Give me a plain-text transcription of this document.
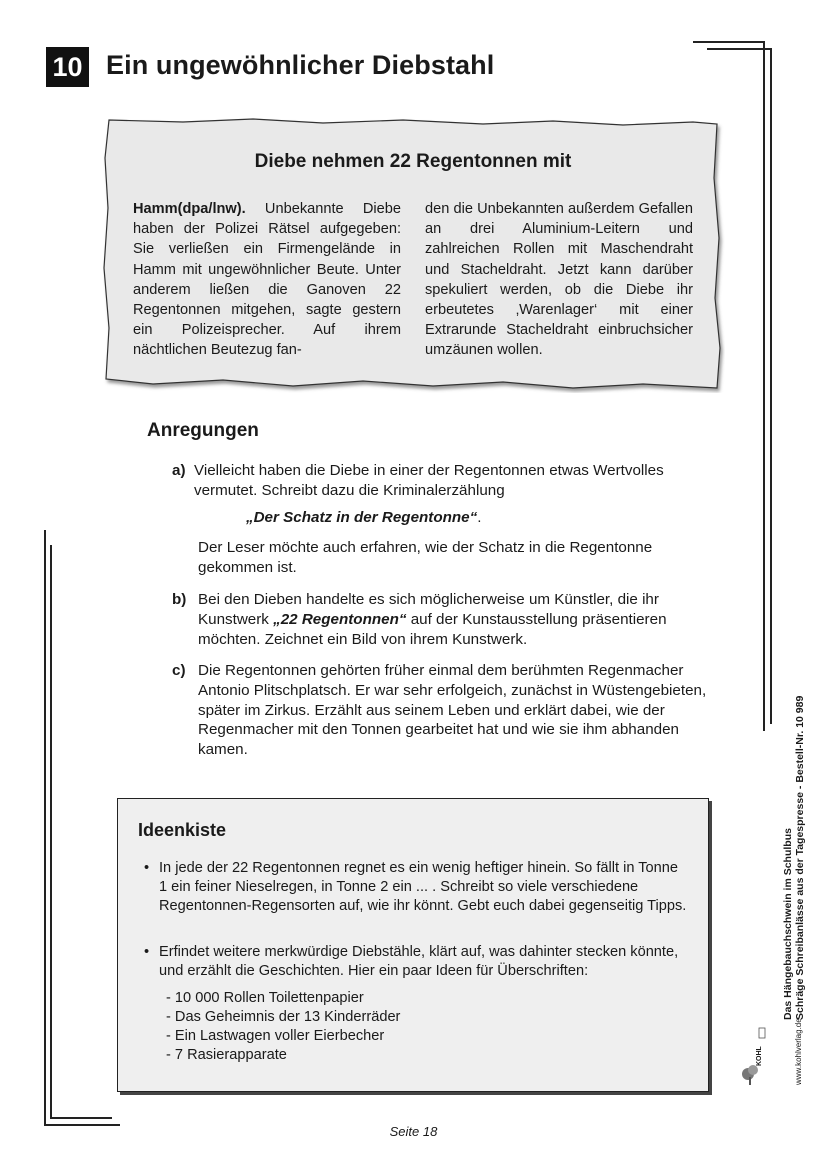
10 Ein ungewöhnlicher Diebstahl
Diebe nehmen 22 Regentonnen mit

Hamm(dpa/lnw). Unbekannte Diebe haben der Polizei Rätsel aufgegeben: Sie verließen ein Firmengelände in Hamm mit ungewöhnlicher Beute. Unter anderem ließen die Ganoven 22 Regentonnen mitgehen, sagte gestern ein Polizeisprecher. Auf ihrem nächtlichen Beutezug fan-

den die Unbekannten außerdem Gefallen an drei Aluminium-Leitern und zahlreichen Rollen mit Maschendraht und Stacheldraht. Jetzt kann darüber spekuliert werden, ob die Diebe ihr erbeutetes ‚Warenlager‘ mit einer Extrarunde Stacheldraht einbruchsicher umzäunen wollen.

Anregungen
a) Vielleicht haben die Diebe in einer der Regentonnen etwas Wertvolles vermutet. Schreibt dazu die Kriminalerzählung
„Der Schatz in der Regentonne“.
Der Leser möchte auch erfahren, wie der Schatz in die Regentonne gekommen ist.
b) Bei den Dieben handelte es sich möglicherweise um Künstler, die ihr Kunstwerk „22 Regentonnen“ auf der Kunstausstellung präsentieren möchten. Zeichnet ein Bild von ihrem Kunstwerk.
c) Die Regentonnen gehörten früher einmal dem berühmten Regenmacher Antonio Plitschplatsch. Er war sehr erfolgeich, zunächst in Wüstengebieten, später im Zirkus. Erzählt aus seinem Leben und erklärt dabei, wie der Regenmacher mit den Tonnen gearbeitet hat und wie sie ihm abhanden kamen.
Ideenkiste
• In jede der 22 Regentonnen regnet es ein wenig heftiger hinein. So fällt in Tonne 1 ein feiner Nieselregen, in Tonne 2 ein ... . Schreibt so viele verschiedene Regentonnen-Regensorten auf, wie ihr könnt. Gebt euch dabei gegenseitig Tipps.
• Erfindet weitere merkwürdige Diebstähle, klärt auf, was dahinter stecken könnte, und erzählt die Geschichten. Hier ein paar Ideen für Überschriften:
- 10 000 Rollen Toilettenpapier
- Das Geheimnis der 13 Kinderräder
- Ein Lastwagen voller Eierbecher
- 7 Rasierapparate
Das Hängebauchschwein im Schulbus Schräge Schreibanlässe aus der Tagespresse - Bestell-Nr. 10 989
www.kohlverlag.de
KOHL
Seite 18
